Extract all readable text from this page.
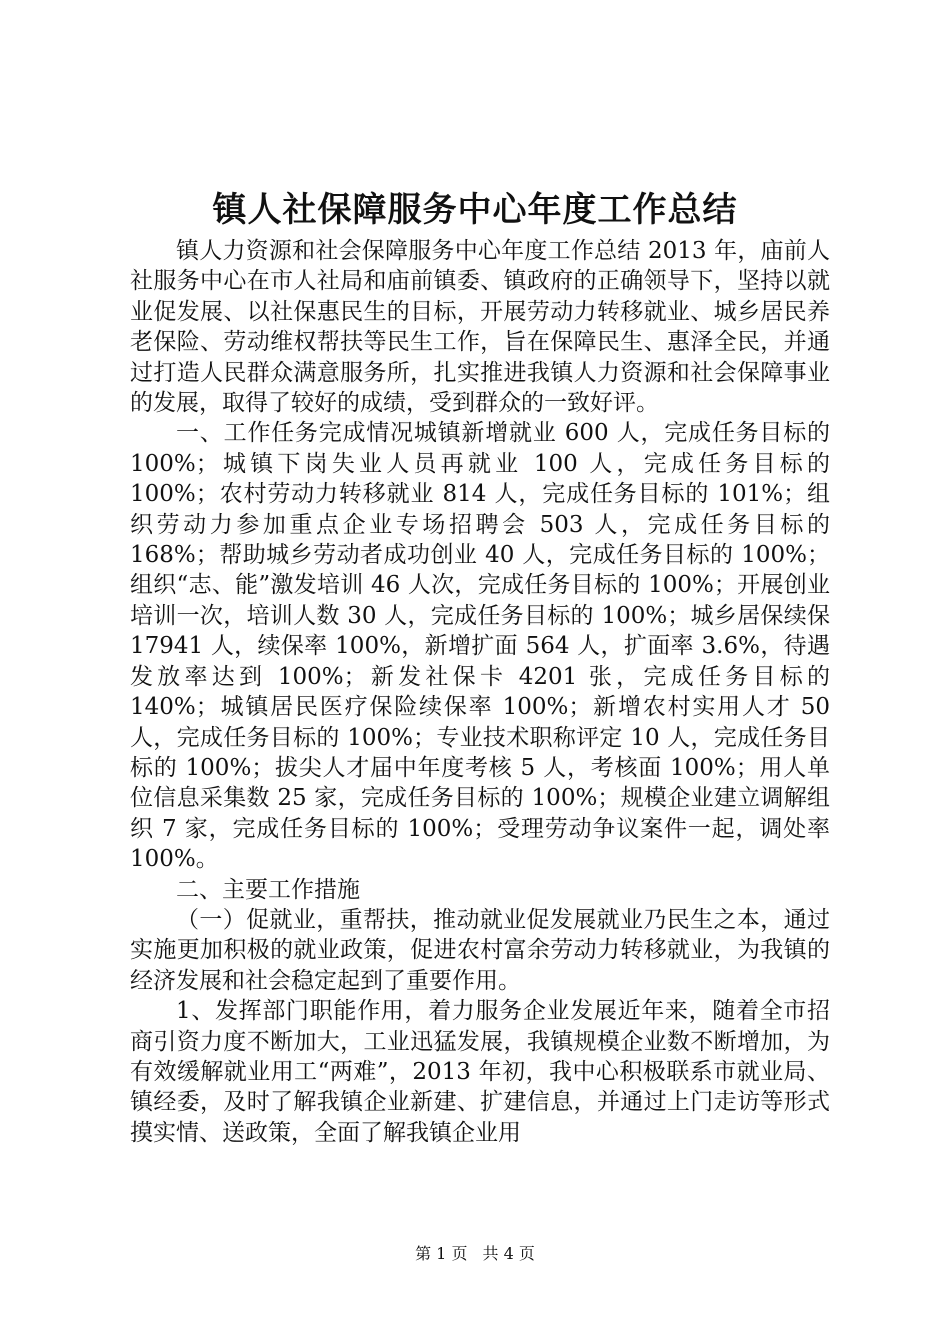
镇人社保障服务中心年度工作总结

镇人力资源和社会保障服务中心年度工作总结 2013 年，庙前人社服务中心在市人社局和庙前镇委、镇政府的正确领导下，坚持以就业促发展、以社保惠民生的目标，开展劳动力转移就业、城乡居民养老保险、劳动维权帮扶等民生工作，旨在保障民生、惠泽全民，并通过打造人民群众满意服务所，扎实推进我镇人力资源和社会保障事业的发展，取得了较好的成绩，受到群众的一致好评。

一、工作任务完成情况城镇新增就业 600 人，完成任务目标的 100%；城镇下岗失业人员再就业 100 人，完成任务目标的 100%；农村劳动力转移就业 814 人，完成任务目标的 101%；组织劳动力参加重点企业专场招聘会 503 人，完成任务目标的 168%；帮助城乡劳动者成功创业 40 人，完成任务目标的 100%；组织“志、能”激发培训 46 人次，完成任务目标的 100%；开展创业培训一次，培训人数 30 人，完成任务目标的 100%；城乡居保续保 17941 人，续保率 100%，新增扩面 564 人，扩面率 3.6%，待遇发放率达到 100%；新发社保卡 4201 张，完成任务目标的 140%；城镇居民医疗保险续保率 100%；新增农村实用人才 50 人，完成任务目标的 100%；专业技术职称评定 10 人，完成任务目标的 100%；拔尖人才届中年度考核 5 人，考核面 100%；用人单位信息采集数 25 家，完成任务目标的 100%；规模企业建立调解组织 7 家，完成任务目标的 100%；受理劳动争议案件一起，调处率 100%。

二、主要工作措施

（一）促就业，重帮扶，推动就业促发展就业乃民生之本，通过实施更加积极的就业政策，促进农村富余劳动力转移就业，为我镇的经济发展和社会稳定起到了重要作用。

1、发挥部门职能作用，着力服务企业发展近年来，随着全市招商引资力度不断加大，工业迅猛发展，我镇规模企业数不断增加，为有效缓解就业用工“两难”，2013 年初，我中心积极联系市就业局、镇经委，及时了解我镇企业新建、扩建信息，并通过上门走访等形式摸实情、送政策，全面了解我镇企业用

第 1 页 共 4 页
